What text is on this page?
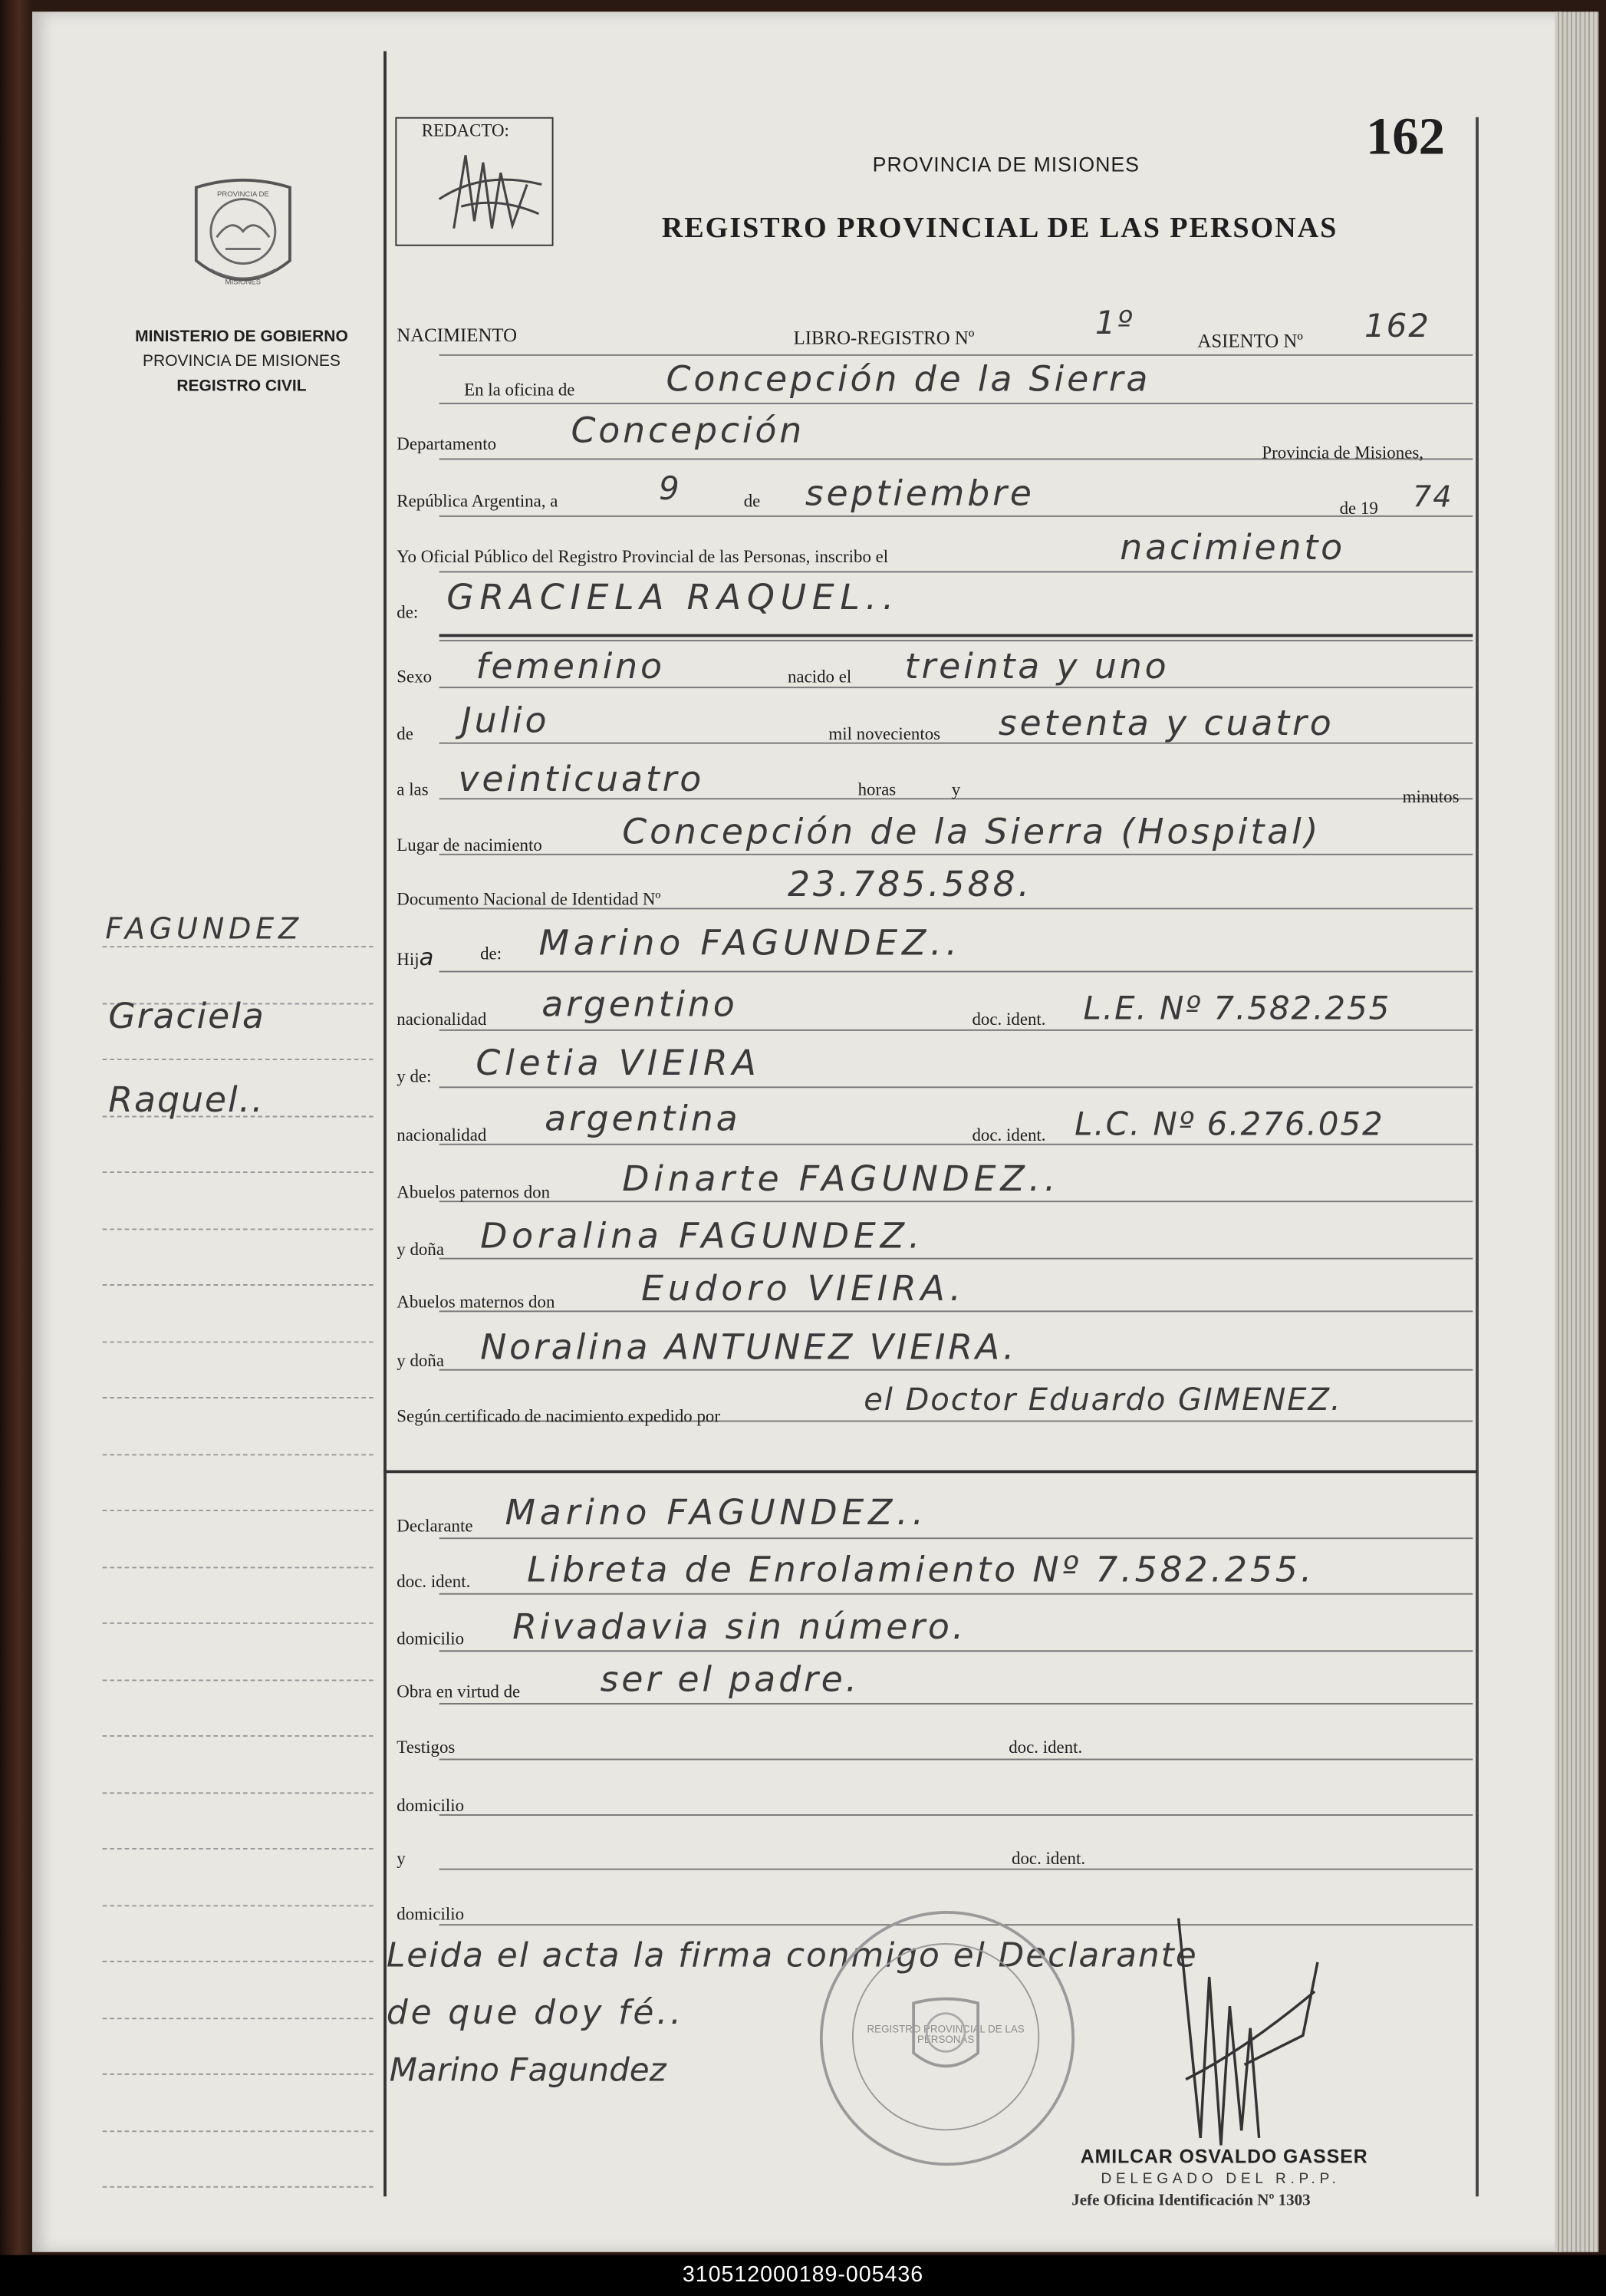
REDACTO:
PROVINCIA DE MISIONES
REGISTRO PROVINCIAL DE LAS PERSONAS
162
PROVINCIA DE
MISIONES
MINISTERIO DE GOBIERNO
PROVINCIA DE MISIONES
REGISTRO CIVIL
FAGUNDEZ
Graciela
Raquel..
NACIMIENTO	LIBRO-REGISTRO Nº	1º	ASIENTO Nº	162
En la oficina de	Concepción de la Sierra
Departamento	Concepción
Provincia de Misiones,
República Argentina, a	9	de septiembre	de 19 74
Yo Oficial Público del Registro Provincial de las Personas, inscribo el	nacimiento
de: GRACIELA RAQUEL..
Sexo femenino	nacido el	treinta y uno
de	Julio	mil novecientos	setenta y cuatro
a las veinticuatro	horas	y	minutos
Lugar de nacimiento	Concepción de la Sierra (Hospital)
Documento Nacional de Identidad Nº	23.785.588.
Hija	de: Marino FAGUNDEZ..
nacionalidad	argentino	doc. ident. L.E. Nº 7.582.255
y de: Cletia VIEIRA
nacionalidad	argentina	doc. ident. L.C. Nº 6.276.052
Abuelos paternos don	Dinarte FAGUNDEZ..
y doña Doralina FAGUNDEZ.
Abuelos maternos don	Eudoro VIEIRA.
y doña Noralina ANTUNEZ VIEIRA.
Según certificado de nacimiento expedido por	el Doctor Eduardo GIMENEZ.
Declarante Marino FAGUNDEZ..
doc. ident.	Libreta de Enrolamiento Nº 7.582.255.
domicilio	Rivadavia sin número.
Obra en virtud de	ser el padre.
Testigos	doc. ident.
domicilio
y	doc. ident.
domicilio
Leida el acta la firma conmigo el Declarante
de que doy fé..
Marino Fagundez
REGISTRO PROVINCIAL DE LAS PERSONAS
AMILCAR OSVALDO GASSER
DELEGADO DEL R.P.P.
Jefe Oficina Identificación Nº 1303
310512000189-005436
